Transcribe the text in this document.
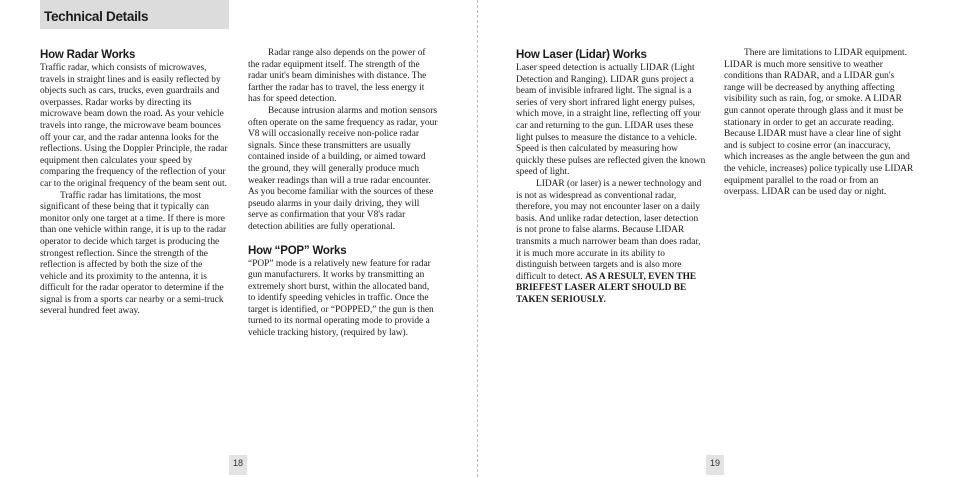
Technical Details
How Radar Works

Traffic radar, which consists of microwaves, travels in straight lines and is easily reflected by objects such as cars, trucks, even guardrails and overpasses. Radar works by directing its microwave beam down the road. As your vehicle travels into range, the microwave beam bounces off your car, and the radar antenna looks for the reflections. Using the Doppler Principle, the radar equipment then calculates your speed by comparing the frequency of the reflection of your car to the original frequency of the beam sent out.

Traffic radar has limitations, the most significant of these being that it typically can monitor only one target at a time. If there is more than one vehicle within range, it is up to the radar operator to decide which target is producing the strongest reflection. Since the strength of the reflection is affected by both the size of the vehicle and its proximity to the antenna, it is difficult for the radar operator to determine if the signal is from a sports car nearby or a semi-truck several hundred feet away.

Radar range also depends on the power of the radar equipment itself. The strength of the radar unit's beam diminishes with distance. The farther the radar has to travel, the less energy it has for speed detection.

Because intrusion alarms and motion sensors often operate on the same frequency as radar, your V8 will occasionally receive non-police radar signals. Since these transmitters are usually contained inside of a building, or aimed toward the ground, they will generally produce much weaker readings than will a true radar encounter. As you become familiar with the sources of these pseudo alarms in your daily driving, they will serve as confirmation that your V8's radar detection abilities are fully operational.

How “POP” Works

“POP” mode is a relatively new feature for radar gun manufacturers. It works by transmitting an extremely short burst, within the allocated band, to identify speeding vehicles in traffic. Once the target is identified, or “POPPED,” the gun is then turned to its normal operating mode to provide a vehicle tracking history, (required by law).

18
How Laser (Lidar) Works

Laser speed detection is actually LIDAR (Light Detection and Ranging). LIDAR guns project a beam of invisible infrared light. The signal is a series of very short infrared light energy pulses, which move, in a straight line, reflecting off your car and returning to the gun. LIDAR uses these light pulses to measure the distance to a vehicle. Speed is then calculated by measuring how quickly these pulses are reflected given the known speed of light.

LIDAR (or laser) is a newer technology and is not as widespread as conventional radar, therefore, you may not encounter laser on a daily basis. And unlike radar detection, laser detection is not prone to false alarms. Because LIDAR transmits a much narrower beam than does radar, it is much more accurate in its ability to distinguish between targets and is also more difficult to detect. AS A RESULT, EVEN THE BRIEFEST LASER ALERT SHOULD BE TAKEN SERIOUSLY.

There are limitations to LIDAR equipment. LIDAR is much more sensitive to weather conditions than RADAR, and a LIDAR gun's range will be decreased by anything affecting visibility such as rain, fog, or smoke. A LIDAR gun cannot operate through glass and it must be stationary in order to get an accurate reading. Because LIDAR must have a clear line of sight and is subject to cosine error (an inaccuracy, which increases as the angle between the gun and the vehicle, increases) police typically use LIDAR equipment parallel to the road or from an overpass. LIDAR can be used day or night.

19
